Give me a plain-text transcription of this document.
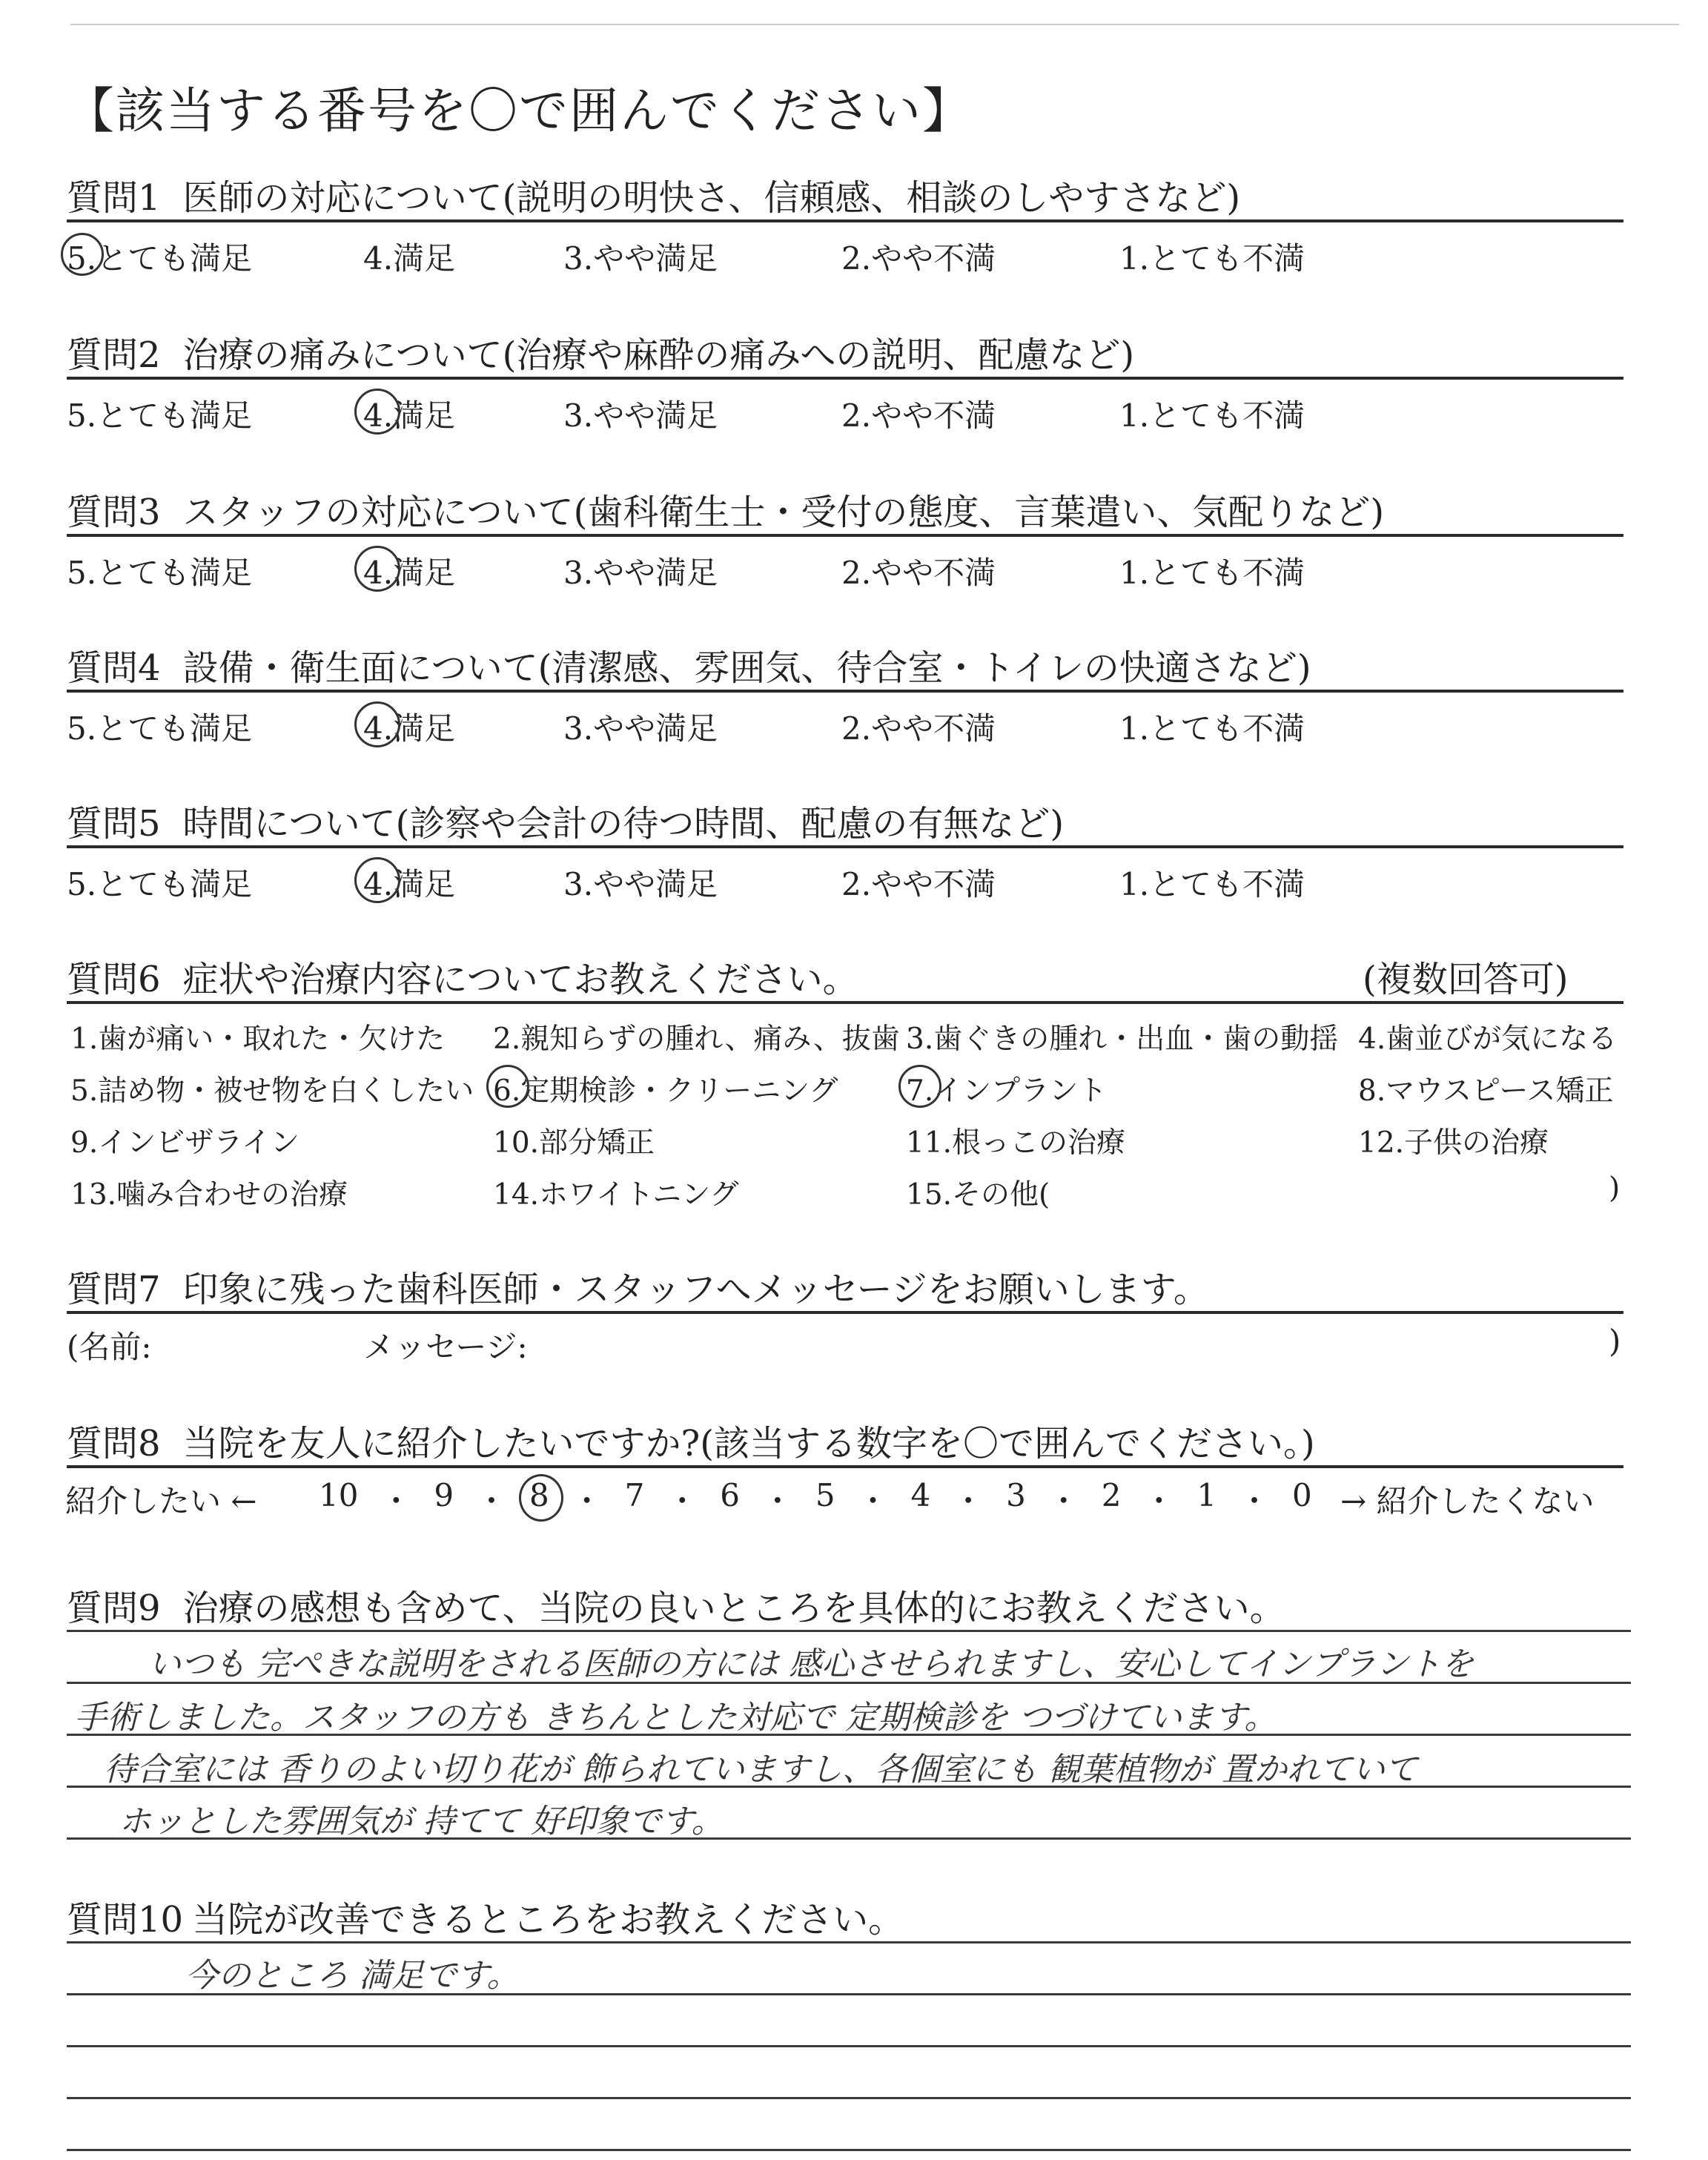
【該当する番号を〇で囲んでください】
質問1 医師の対応について(説明の明快さ、信頼感、相談のしやすさなど)
5.とても満足	4.満足	3.やや満足	2.やや不満	1.とても不満
質問2 治療の痛みについて(治療や麻酔の痛みへの説明、配慮など)
5.とても満足	4.満足	3.やや満足	2.やや不満	1.とても不満
質問3 スタッフの対応について(歯科衛生士・受付の態度、言葉遣い、気配りなど)
5.とても満足	4.満足	3.やや満足	2.やや不満	1.とても不満
質問4 設備・衛生面について(清潔感、雰囲気、待合室・トイレの快適さなど)
5.とても満足	4.満足	3.やや満足	2.やや不満	1.とても不満
質問5 時間について(診察や会計の待つ時間、配慮の有無など)
5.とても満足	4.満足	3.やや満足	2.やや不満	1.とても不満
質問6 症状や治療内容についてお教えください。	(複数回答可)
1.歯が痛い・取れた・欠けた 2.親知らずの腫れ、痛み、抜歯 3.歯ぐきの腫れ・出血・歯の動揺 4.歯並びが気になる
5.詰め物・被せ物を白くしたい 6.定期検診・クリーニング 7.インプラント	8.マウスピース矯正
9.インビザライン	10.部分矯正	11.根っこの治療	12.子供の治療
13.噛み合わせの治療	14.ホワイトニング	15.その他(	)
質問7 印象に残った歯科医師・スタッフへメッセージをお願いします。
(名前:	メッセージ:	)
質問8 当院を友人に紹介したいですか?(該当する数字を〇で囲んでください。)
紹介したい ←	→ 紹介したくない
10 ・ 9 ・ 8 ・ 7 ・ 6 ・ 5 ・ 4 ・ 3 ・ 2 ・ 1 ・ 0
質問9 治療の感想も含めて、当院の良いところを具体的にお教えください。
いつも 完ぺきな説明をされる医師の方には 感心させられますし、安心してインプラントを
手術しました。スタッフの方も きちんとした対応で 定期検診を つづけています。
待合室には 香りのよい切り花が 飾られていますし、各個室にも 観葉植物が 置かれていて
ホッとした雰囲気が 持てて 好印象です。
質問10 当院が改善できるところをお教えください。
今のところ 満足です。
